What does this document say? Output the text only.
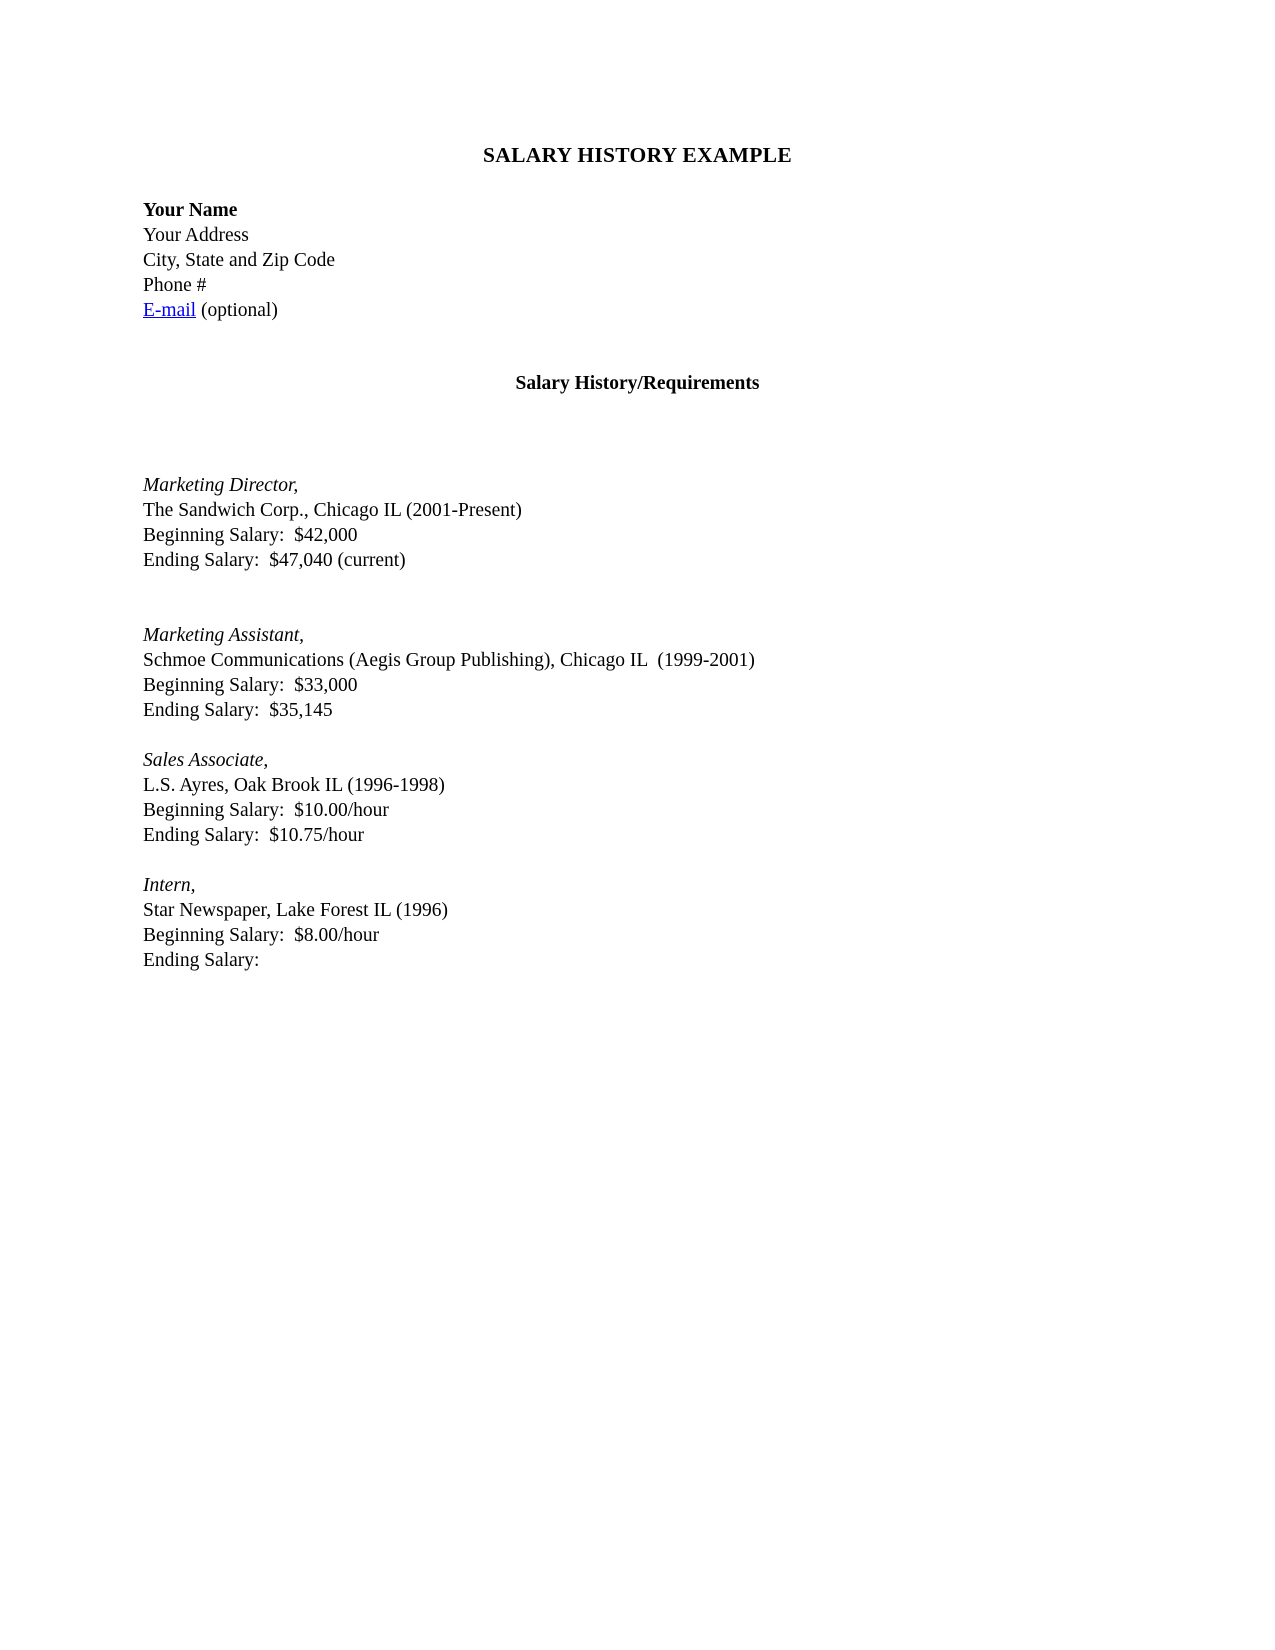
SALARY HISTORY EXAMPLE
Your Name
Your Address
City, State and Zip Code
Phone #
E-mail (optional)
Salary History/Requirements
Marketing Director,
The Sandwich Corp., Chicago IL (2001-Present)
Beginning Salary:  $42,000
Ending Salary:  $47,040 (current)
Marketing Assistant,
Schmoe Communications (Aegis Group Publishing), Chicago IL  (1999-2001)
Beginning Salary:  $33,000
Ending Salary:  $35,145
Sales Associate,
L.S. Ayres, Oak Brook IL (1996-1998)
Beginning Salary:  $10.00/hour
Ending Salary:  $10.75/hour
Intern,
Star Newspaper, Lake Forest IL (1996)
Beginning Salary:  $8.00/hour
Ending Salary:
